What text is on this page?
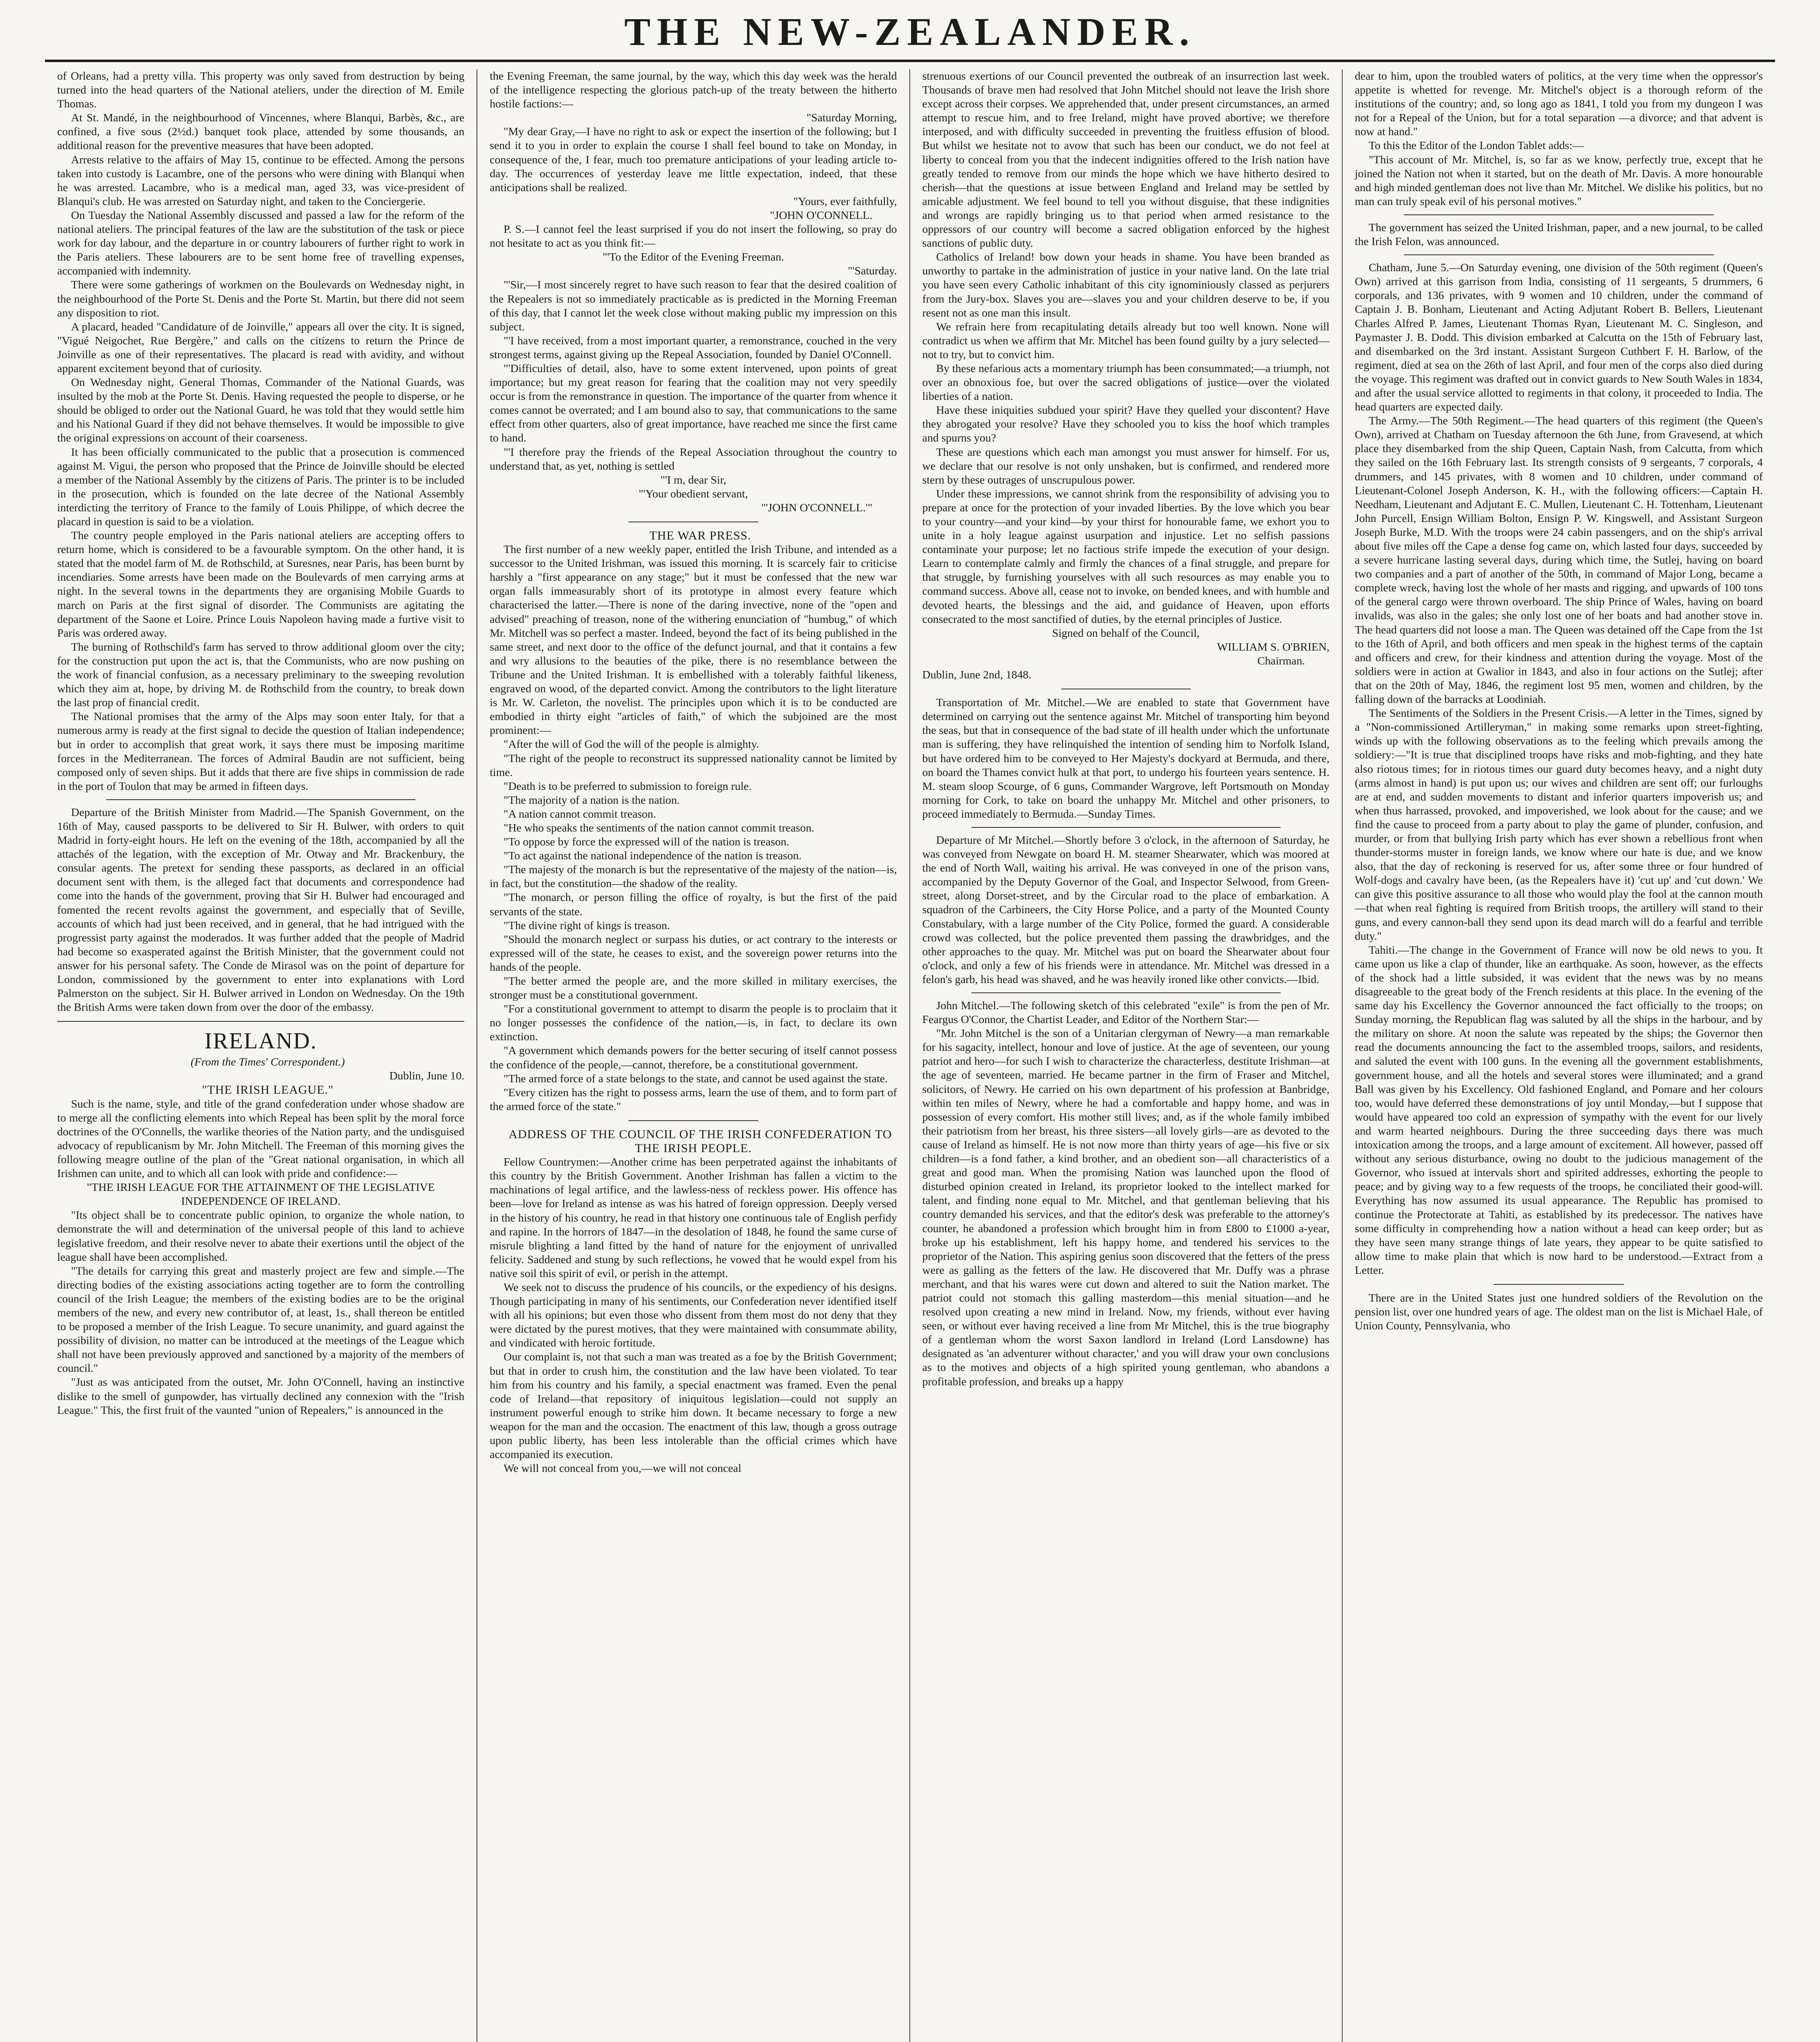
THE NEW-ZEALANDER.

of Orleans, had a pretty villa. This property was only saved from destruction by being turned into the head quarters of the National ateliers, under the direction of M. Emile Thomas.

At St. Mandé, in the neighbourhood of Vincennes, where Blanqui, Barbès, &c., are confined, a five sous (2½d.) banquet took place, attended by some thousands, an additional reason for the preventive measures that have been adopted.

Arrests relative to the affairs of May 15, continue to be effected. Among the persons taken into custody is Lacambre, one of the persons who were dining with Blanqui when he was arrested. Lacambre, who is a medical man, aged 33, was vice-president of Blanqui's club. He was arrested on Saturday night, and taken to the Conciergerie.

On Tuesday the National Assembly discussed and passed a law for the reform of the national ateliers. The principal features of the law are the substitution of the task or piece work for day labour, and the departure in or country labourers of further right to work in the Paris ateliers. These labourers are to be sent home free of travelling expenses, accompanied with indemnity.

There were some gatherings of workmen on the Boulevards on Wednesday night, in the neighbourhood of the Porte St. Denis and the Porte St. Martin, but there did not seem any disposition to riot.

A placard, headed "Candidature of de Joinville," appears all over the city. It is signed, "Vigué Neigochet, Rue Bergère," and calls on the citizens to return the Prince de Joinville as one of their representatives. The placard is read with avidity, and without apparent excitement beyond that of curiosity.

On Wednesday night, General Thomas, Commander of the National Guards, was insulted by the mob at the Porte St. Denis. Having requested the people to disperse, or he should be obliged to order out the National Guard, he was told that they would settle him and his National Guard if they did not behave themselves. It would be impossible to give the original expressions on account of their coarseness.

It has been officially communicated to the public that a prosecution is commenced against M. Vigui, the person who proposed that the Prince de Joinville should be elected a member of the National Assembly by the citizens of Paris. The printer is to be included in the prosecution, which is founded on the late decree of the National Assembly interdicting the territory of France to the family of Louis Philippe, of which decree the placard in question is said to be a violation.

The country people employed in the Paris national ateliers are accepting offers to return home, which is considered to be a favourable symptom. On the other hand, it is stated that the model farm of M. de Rothschild, at Suresnes, near Paris, has been burnt by incendiaries. Some arrests have been made on the Boulevards of men carrying arms at night. In the several towns in the departments they are organising Mobile Guards to march on Paris at the first signal of disorder. The Communists are agitating the department of the Saone et Loire. Prince Louis Napoleon having made a furtive visit to Paris was ordered away.

The burning of Rothschild's farm has served to throw additional gloom over the city; for the construction put upon the act is, that the Communists, who are now pushing on the work of financial confusion, as a necessary preliminary to the sweeping revolution which they aim at, hope, by driving M. de Rothschild from the country, to break down the last prop of financial credit.

The National promises that the army of the Alps may soon enter Italy, for that a numerous army is ready at the first signal to decide the question of Italian independence; but in order to accomplish that great work, it says there must be imposing maritime forces in the Mediterranean. The forces of Admiral Baudin are not sufficient, being composed only of seven ships. But it adds that there are five ships in commission de rade in the port of Toulon that may be armed in fifteen days.

Departure of the British Minister from Madrid.—The Spanish Government, on the 16th of May, caused passports to be delivered to Sir H. Bulwer, with orders to quit Madrid in forty-eight hours. He left on the evening of the 18th, accompanied by all the attachés of the legation, with the exception of Mr. Otway and Mr. Brackenbury, the consular agents. The pretext for sending these passports, as declared in an official document sent with them, is the alleged fact that documents and correspondence had come into the hands of the government, proving that Sir H. Bulwer had encouraged and fomented the recent revolts against the government, and especially that of Seville, accounts of which had just been received, and in general, that he had intrigued with the progressist party against the moderados. It was further added that the people of Madrid had become so exasperated against the British Minister, that the government could not answer for his personal safety. The Conde de Mirasol was on the point of departure for London, commissioned by the government to enter into explanations with Lord Palmerston on the subject. Sir H. Bulwer arrived in London on Wednesday. On the 19th the British Arms were taken down from over the door of the embassy.

IRELAND.

(From the Times' Correspondent.)

Dublin, June 10.

"THE IRISH LEAGUE."

Such is the name, style, and title of the grand confederation under whose shadow are to merge all the conflicting elements into which Repeal has been split by the moral force doctrines of the O'Connells, the warlike theories of the Nation party, and the undisguised advocacy of republicanism by Mr. John Mitchell. The Freeman of this morning gives the following meagre outline of the plan of the "Great national organisation, in which all Irishmen can unite, and to which all can look with pride and confidence:—

"THE IRISH LEAGUE FOR THE ATTAINMENT OF THE LEGISLATIVE INDEPENDENCE OF IRELAND.

"Its object shall be to concentrate public opinion, to organize the whole nation, to demonstrate the will and determination of the universal people of this land to achieve legislative freedom, and their resolve never to abate their exertions until the object of the league shall have been accomplished.

"The details for carrying this great and masterly project are few and simple.—The directing bodies of the existing associations acting together are to form the controlling council of the Irish League; the members of the existing bodies are to be the original members of the new, and every new contributor of, at least, 1s., shall thereon be entitled to be proposed a member of the Irish League. To secure unanimity, and guard against the possibility of division, no matter can be introduced at the meetings of the League which shall not have been previously approved and sanctioned by a majority of the members of council."

"Just as was anticipated from the outset, Mr. John O'Connell, having an instinctive dislike to the smell of gunpowder, has virtually declined any connexion with the "Irish League." This, the first fruit of the vaunted "union of Repealers," is announced in the

the Evening Freeman, the same journal, by the way, which this day week was the herald of the intelligence respecting the glorious patch-up of the treaty between the hitherto hostile factions:—

"Saturday Morning,

"My dear Gray,—I have no right to ask or expect the insertion of the following; but I send it to you in order to explain the course I shall feel bound to take on Monday, in consequence of the, I fear, much too premature anticipations of your leading article to-day. The occurrences of yesterday leave me little expectation, indeed, that these anticipations shall be realized.

"Yours, ever faithfully,

"JOHN O'CONNELL.

P. S.—I cannot feel the least surprised if you do not insert the following, so pray do not hesitate to act as you think fit:—

"'To the Editor of the Evening Freeman.

"'Saturday.

"'Sir,—I most sincerely regret to have such reason to fear that the desired coalition of the Repealers is not so immediately practicable as is predicted in the Morning Freeman of this day, that I cannot let the week close without making public my impression on this subject.

"'I have received, from a most important quarter, a remonstrance, couched in the very strongest terms, against giving up the Repeal Association, founded by Daniel O'Connell.

"'Difficulties of detail, also, have to some extent intervened, upon points of great importance; but my great reason for fearing that the coalition may not very speedily occur is from the remonstrance in question. The importance of the quarter from whence it comes cannot be overrated; and I am bound also to say, that communications to the same effect from other quarters, also of great importance, have reached me since the first came to hand.

"'I therefore pray the friends of the Repeal Association throughout the country to understand that, as yet, nothing is settled

"'I m, dear Sir,

"'Your obedient servant,

"'JOHN O'CONNELL.'"

THE WAR PRESS.

The first number of a new weekly paper, entitled the Irish Tribune, and intended as a successor to the United Irishman, was issued this morning. It is scarcely fair to criticise harshly a "first appearance on any stage;" but it must be confessed that the new war organ falls immeasurably short of its prototype in almost every feature which characterised the latter.—There is none of the daring invective, none of the "open and advised" preaching of treason, none of the withering enunciation of "humbug," of which Mr. Mitchell was so perfect a master. Indeed, beyond the fact of its being published in the same street, and next door to the office of the defunct journal, and that it contains a few and wry allusions to the beauties of the pike, there is no resemblance between the Tribune and the United Irishman. It is embellished with a tolerably faithful likeness, engraved on wood, of the departed convict. Among the contributors to the light literature is Mr. W. Carleton, the novelist. The principles upon which it is to be conducted are embodied in thirty eight "articles of faith," of which the subjoined are the most prominent:—

"After the will of God the will of the people is almighty.

"The right of the people to reconstruct its suppressed nationality cannot be limited by time.

"Death is to be preferred to submission to foreign rule.

"The majority of a nation is the nation.

"A nation cannot commit treason.

"He who speaks the sentiments of the nation cannot commit treason.

"To oppose by force the expressed will of the nation is treason.

"To act against the national independence of the nation is treason.

"The majesty of the monarch is but the representative of the majesty of the nation—is, in fact, but the constitution—the shadow of the reality.

"The monarch, or person filling the office of royalty, is but the first of the paid servants of the state.

"The divine right of kings is treason.

"Should the monarch neglect or surpass his duties, or act contrary to the interests or expressed will of the state, he ceases to exist, and the sovereign power returns into the hands of the people.

"The better armed the people are, and the more skilled in military exercises, the stronger must be a constitutional government.

"For a constitutional government to attempt to disarm the people is to proclaim that it no longer possesses the confidence of the nation,—is, in fact, to declare its own extinction.

"A government which demands powers for the better securing of itself cannot possess the confidence of the people,—cannot, therefore, be a constitutional government.

"The armed force of a state belongs to the state, and cannot be used against the state.

"Every citizen has the right to possess arms, learn the use of them, and to form part of the armed force of the state."

ADDRESS OF THE COUNCIL OF THE IRISH CONFEDERATION TO THE IRISH PEOPLE.

Fellow Countrymen:—Another crime has been perpetrated against the inhabitants of this country by the British Government. Another Irishman has fallen a victim to the machinations of legal artifice, and the lawless-ness of reckless power. His offence has been—love for Ireland as intense as was his hatred of foreign oppression. Deeply versed in the history of his country, he read in that history one continuous tale of English perfidy and rapine. In the horrors of 1847—in the desolation of 1848, he found the same curse of misrule blighting a land fitted by the hand of nature for the enjoyment of unrivalled felicity. Saddened and stung by such reflections, he vowed that he would expel from his native soil this spirit of evil, or perish in the attempt.

We seek not to discuss the prudence of his councils, or the expediency of his designs. Though participating in many of his sentiments, our Confederation never identified itself with all his opinions; but even those who dissent from them most do not deny that they were dictated by the purest motives, that they were maintained with consummate ability, and vindicated with heroic fortitude.

Our complaint is, not that such a man was treated as a foe by the British Government; but that in order to crush him, the constitution and the law have been violated. To tear him from his country and his family, a special enactment was framed. Even the penal code of Ireland—that repository of iniquitous legislation—could not supply an instrument powerful enough to strike him down. It became necessary to forge a new weapon for the man and the occasion. The enactment of this law, though a gross outrage upon public liberty, has been less intolerable than the official crimes which have accompanied its execution.

We will not conceal from you,—we will not conceal

strenuous exertions of our Council prevented the outbreak of an insurrection last week. Thousands of brave men had resolved that John Mitchel should not leave the Irish shore except across their corpses. We apprehended that, under present circumstances, an armed attempt to rescue him, and to free Ireland, might have proved abortive; we therefore interposed, and with difficulty succeeded in preventing the fruitless effusion of blood. But whilst we hesitate not to avow that such has been our conduct, we do not feel at liberty to conceal from you that the indecent indignities offered to the Irish nation have greatly tended to remove from our minds the hope which we have hitherto desired to cherish—that the questions at issue between England and Ireland may be settled by amicable adjustment. We feel bound to tell you without disguise, that these indignities and wrongs are rapidly bringing us to that period when armed resistance to the oppressors of our country will become a sacred obligation enforced by the highest sanctions of public duty.

Catholics of Ireland! bow down your heads in shame. You have been branded as unworthy to partake in the administration of justice in your native land. On the late trial you have seen every Catholic inhabitant of this city ignominiously classed as perjurers from the Jury-box. Slaves you are—slaves you and your children deserve to be, if you resent not as one man this insult.

We refrain here from recapitulating details already but too well known. None will contradict us when we affirm that Mr. Mitchel has been found guilty by a jury selected—not to try, but to convict him.

By these nefarious acts a momentary triumph has been consummated;—a triumph, not over an obnoxious foe, but over the sacred obligations of justice—over the violated liberties of a nation.

Have these iniquities subdued your spirit? Have they quelled your discontent? Have they abrogated your resolve? Have they schooled you to kiss the hoof which tramples and spurns you?

These are questions which each man amongst you must answer for himself. For us, we declare that our resolve is not only unshaken, but is confirmed, and rendered more stern by these outrages of unscrupulous power.

Under these impressions, we cannot shrink from the responsibility of advising you to prepare at once for the protection of your invaded liberties. By the love which you bear to your country—and your kind—by your thirst for honourable fame, we exhort you to unite in a holy league against usurpation and injustice. Let no selfish passions contaminate your purpose; let no factious strife impede the execution of your design. Learn to contemplate calmly and firmly the chances of a final struggle, and prepare for that struggle, by furnishing yourselves with all such resources as may enable you to command success. Above all, cease not to invoke, on bended knees, and with humble and devoted hearts, the blessings and the aid, and guidance of Heaven, upon efforts consecrated to the most sanctified of duties, by the eternal principles of Justice.

Signed on behalf of the Council,

WILLIAM S. O'BRIEN,

Chairman.

Dublin, June 2nd, 1848.

Transportation of Mr. Mitchel.—We are enabled to state that Government have determined on carrying out the sentence against Mr. Mitchel of transporting him beyond the seas, but that in consequence of the bad state of ill health under which the unfortunate man is suffering, they have relinquished the intention of sending him to Norfolk Island, but have ordered him to be conveyed to Her Majesty's dockyard at Bermuda, and there, on board the Thames convict hulk at that port, to undergo his fourteen years sentence. H. M. steam sloop Scourge, of 6 guns, Commander Wargrove, left Portsmouth on Monday morning for Cork, to take on board the unhappy Mr. Mitchel and other prisoners, to proceed immediately to Bermuda.—Sunday Times.

Departure of Mr Mitchel.—Shortly before 3 o'clock, in the afternoon of Saturday, he was conveyed from Newgate on board H. M. steamer Shearwater, which was moored at the end of North Wall, waiting his arrival. He was conveyed in one of the prison vans, accompanied by the Deputy Governor of the Goal, and Inspector Selwood, from Green-street, along Dorset-street, and by the Circular road to the place of embarkation. A squadron of the Carbineers, the City Horse Police, and a party of the Mounted County Constabulary, with a large number of the City Police, formed the guard. A considerable crowd was collected, but the police prevented them passing the drawbridges, and the other approaches to the quay. Mr. Mitchel was put on board the Shearwater about four o'clock, and only a few of his friends were in attendance. Mr. Mitchel was dressed in a felon's garb, his head was shaved, and he was heavily ironed like other convicts.—Ibid.

John Mitchel.—The following sketch of this celebrated "exile" is from the pen of Mr. Feargus O'Connor, the Chartist Leader, and Editor of the Northern Star:—

"Mr. John Mitchel is the son of a Unitarian clergyman of Newry—a man remarkable for his sagacity, intellect, honour and love of justice. At the age of seventeen, our young patriot and hero—for such I wish to characterize the characterless, destitute Irishman—at the age of seventeen, married. He became partner in the firm of Fraser and Mitchel, solicitors, of Newry. He carried on his own department of his profession at Banbridge, within ten miles of Newry, where he had a comfortable and happy home, and was in possession of every comfort. His mother still lives; and, as if the whole family imbibed their patriotism from her breast, his three sisters—all lovely girls—are as devoted to the cause of Ireland as himself. He is not now more than thirty years of age—his five or six children—is a fond father, a kind brother, and an obedient son—all characteristics of a great and good man. When the promising Nation was launched upon the flood of disturbed opinion created in Ireland, its proprietor looked to the intellect marked for talent, and finding none equal to Mr. Mitchel, and that gentleman believing that his country demanded his services, and that the editor's desk was preferable to the attorney's counter, he abandoned a profession which brought him in from £800 to £1000 a-year, broke up his establishment, left his happy home, and tendered his services to the proprietor of the Nation. This aspiring genius soon discovered that the fetters of the press were as galling as the fetters of the law. He discovered that Mr. Duffy was a phrase merchant, and that his wares were cut down and altered to suit the Nation market. The patriot could not stomach this galling masterdom—this menial situation—and he resolved upon creating a new mind in Ireland. Now, my friends, without ever having seen, or without ever having received a line from Mr Mitchel, this is the true biography of a gentleman whom the worst Saxon landlord in Ireland (Lord Lansdowne) has designated as 'an adventurer without character,' and you will draw your own conclusions as to the motives and objects of a high spirited young gentleman, who abandons a profitable profession, and breaks up a happy

dear to him, upon the troubled waters of politics, at the very time when the oppressor's appetite is whetted for revenge. Mr. Mitchel's object is a thorough reform of the institutions of the country; and, so long ago as 1841, I told you from my dungeon I was not for a Repeal of the Union, but for a total separation —a divorce; and that advent is now at hand."

To this the Editor of the London Tablet adds:—

"This account of Mr. Mitchel, is, so far as we know, perfectly true, except that he joined the Nation not when it started, but on the death of Mr. Davis. A more honourable and high minded gentleman does not live than Mr. Mitchel. We dislike his politics, but no man can truly speak evil of his personal motives."

The government has seized the United Irishman, paper, and a new journal, to be called the Irish Felon, was announced.

Chatham, June 5.—On Saturday evening, one division of the 50th regiment (Queen's Own) arrived at this garrison from India, consisting of 11 sergeants, 5 drummers, 6 corporals, and 136 privates, with 9 women and 10 children, under the command of Captain J. B. Bonham, Lieutenant and Acting Adjutant Robert B. Bellers, Lieutenant Charles Alfred P. James, Lieutenant Thomas Ryan, Lieutenant M. C. Singleson, and Paymaster J. B. Dodd. This division embarked at Calcutta on the 15th of February last, and disembarked on the 3rd instant. Assistant Surgeon Cuthbert F. H. Barlow, of the regiment, died at sea on the 26th of last April, and four men of the corps also died during the voyage. This regiment was drafted out in convict guards to New South Wales in 1834, and after the usual service allotted to regiments in that colony, it proceeded to India. The head quarters are expected daily.

The Army.—The 50th Regiment.—The head quarters of this regiment (the Queen's Own), arrived at Chatham on Tuesday afternoon the 6th June, from Gravesend, at which place they disembarked from the ship Queen, Captain Nash, from Calcutta, from which they sailed on the 16th February last. Its strength consists of 9 sergeants, 7 corporals, 4 drummers, and 145 privates, with 8 women and 10 children, under command of Lieutenant-Colonel Joseph Anderson, K. H., with the following officers:—Captain H. Needham, Lieutenant and Adjutant E. C. Mullen, Lieutenant C. H. Tottenham, Lieutenant John Purcell, Ensign William Bolton, Ensign P. W. Kingswell, and Assistant Surgeon Joseph Burke, M.D. With the troops were 24 cabin passengers, and on the ship's arrival about five miles off the Cape a dense fog came on, which lasted four days, succeeded by a severe hurricane lasting several days, during which time, the Sutlej, having on board two companies and a part of another of the 50th, in command of Major Long, became a complete wreck, having lost the whole of her masts and rigging, and upwards of 100 tons of the general cargo were thrown overboard. The ship Prince of Wales, having on board invalids, was also in the gales; she only lost one of her boats and had another stove in. The head quarters did not loose a man. The Queen was detained off the Cape from the 1st to the 16th of April, and both officers and men speak in the highest terms of the captain and officers and crew, for their kindness and attention during the voyage. Most of the soldiers were in action at Gwalior in 1843, and also in four actions on the Sutlej; after that on the 20th of May, 1846, the regiment lost 95 men, women and children, by the falling down of the barracks at Loodiniah.

The Sentiments of the Soldiers in the Present Crisis.—A letter in the Times, signed by a "Non-commissioned Artilleryman," in making some remarks upon street-fighting, winds up with the following observations as to the feeling which prevails among the soldiery:—"It is true that disciplined troops have risks and mob-fighting, and they hate also riotous times; for in riotous times our guard duty becomes heavy, and a night duty (arms almost in hand) is put upon us; our wives and children are sent off; our furloughs are at end, and sudden movements to distant and inferior quarters impoverish us; and when thus harrassed, provoked, and impoverished, we look about for the cause; and we find the cause to proceed from a party about to play the game of plunder, confusion, and murder, or from that bullying Irish party which has ever shown a rebellious front when thunder-storms muster in foreign lands, we know where our hate is due, and we know also, that the day of reckoning is reserved for us, after some three or four hundred of Wolf-dogs and cavalry have been, (as the Repealers have it) 'cut up' and 'cut down.' We can give this positive assurance to all those who would play the fool at the cannon mouth—that when real fighting is required from British troops, the artillery will stand to their guns, and every cannon-ball they send upon its dead march will do a fearful and terrible duty."

Tahiti.—The change in the Government of France will now be old news to you. It came upon us like a clap of thunder, like an earthquake. As soon, however, as the effects of the shock had a little subsided, it was evident that the news was by no means disagreeable to the great body of the French residents at this place. In the evening of the same day his Excellency the Governor announced the fact officially to the troops; on Sunday morning, the Republican flag was saluted by all the ships in the harbour, and by the military on shore. At noon the salute was repeated by the ships; the Governor then read the documents announcing the fact to the assembled troops, sailors, and residents, and saluted the event with 100 guns. In the evening all the government establishments, government house, and all the hotels and several stores were illuminated; and a grand Ball was given by his Excellency. Old fashioned England, and Pomare and her colours too, would have deferred these demonstrations of joy until Monday,—but I suppose that would have appeared too cold an expression of sympathy with the event for our lively and warm hearted neighbours. During the three succeeding days there was much intoxication among the troops, and a large amount of excitement. All however, passed off without any serious disturbance, owing no doubt to the judicious management of the Governor, who issued at intervals short and spirited addresses, exhorting the people to peace; and by giving way to a few requests of the troops, he conciliated their good-will. Everything has now assumed its usual appearance. The Republic has promised to continue the Protectorate at Tahiti, as established by its predecessor. The natives have some difficulty in comprehending how a nation without a head can keep order; but as they have seen many strange things of late years, they appear to be quite satisfied to allow time to make plain that which is now hard to be understood.—Extract from a Letter.

There are in the United States just one hundred soldiers of the Revolution on the pension list, over one hundred years of age. The oldest man on the list is Michael Hale, of Union County, Pennsylvania, who
